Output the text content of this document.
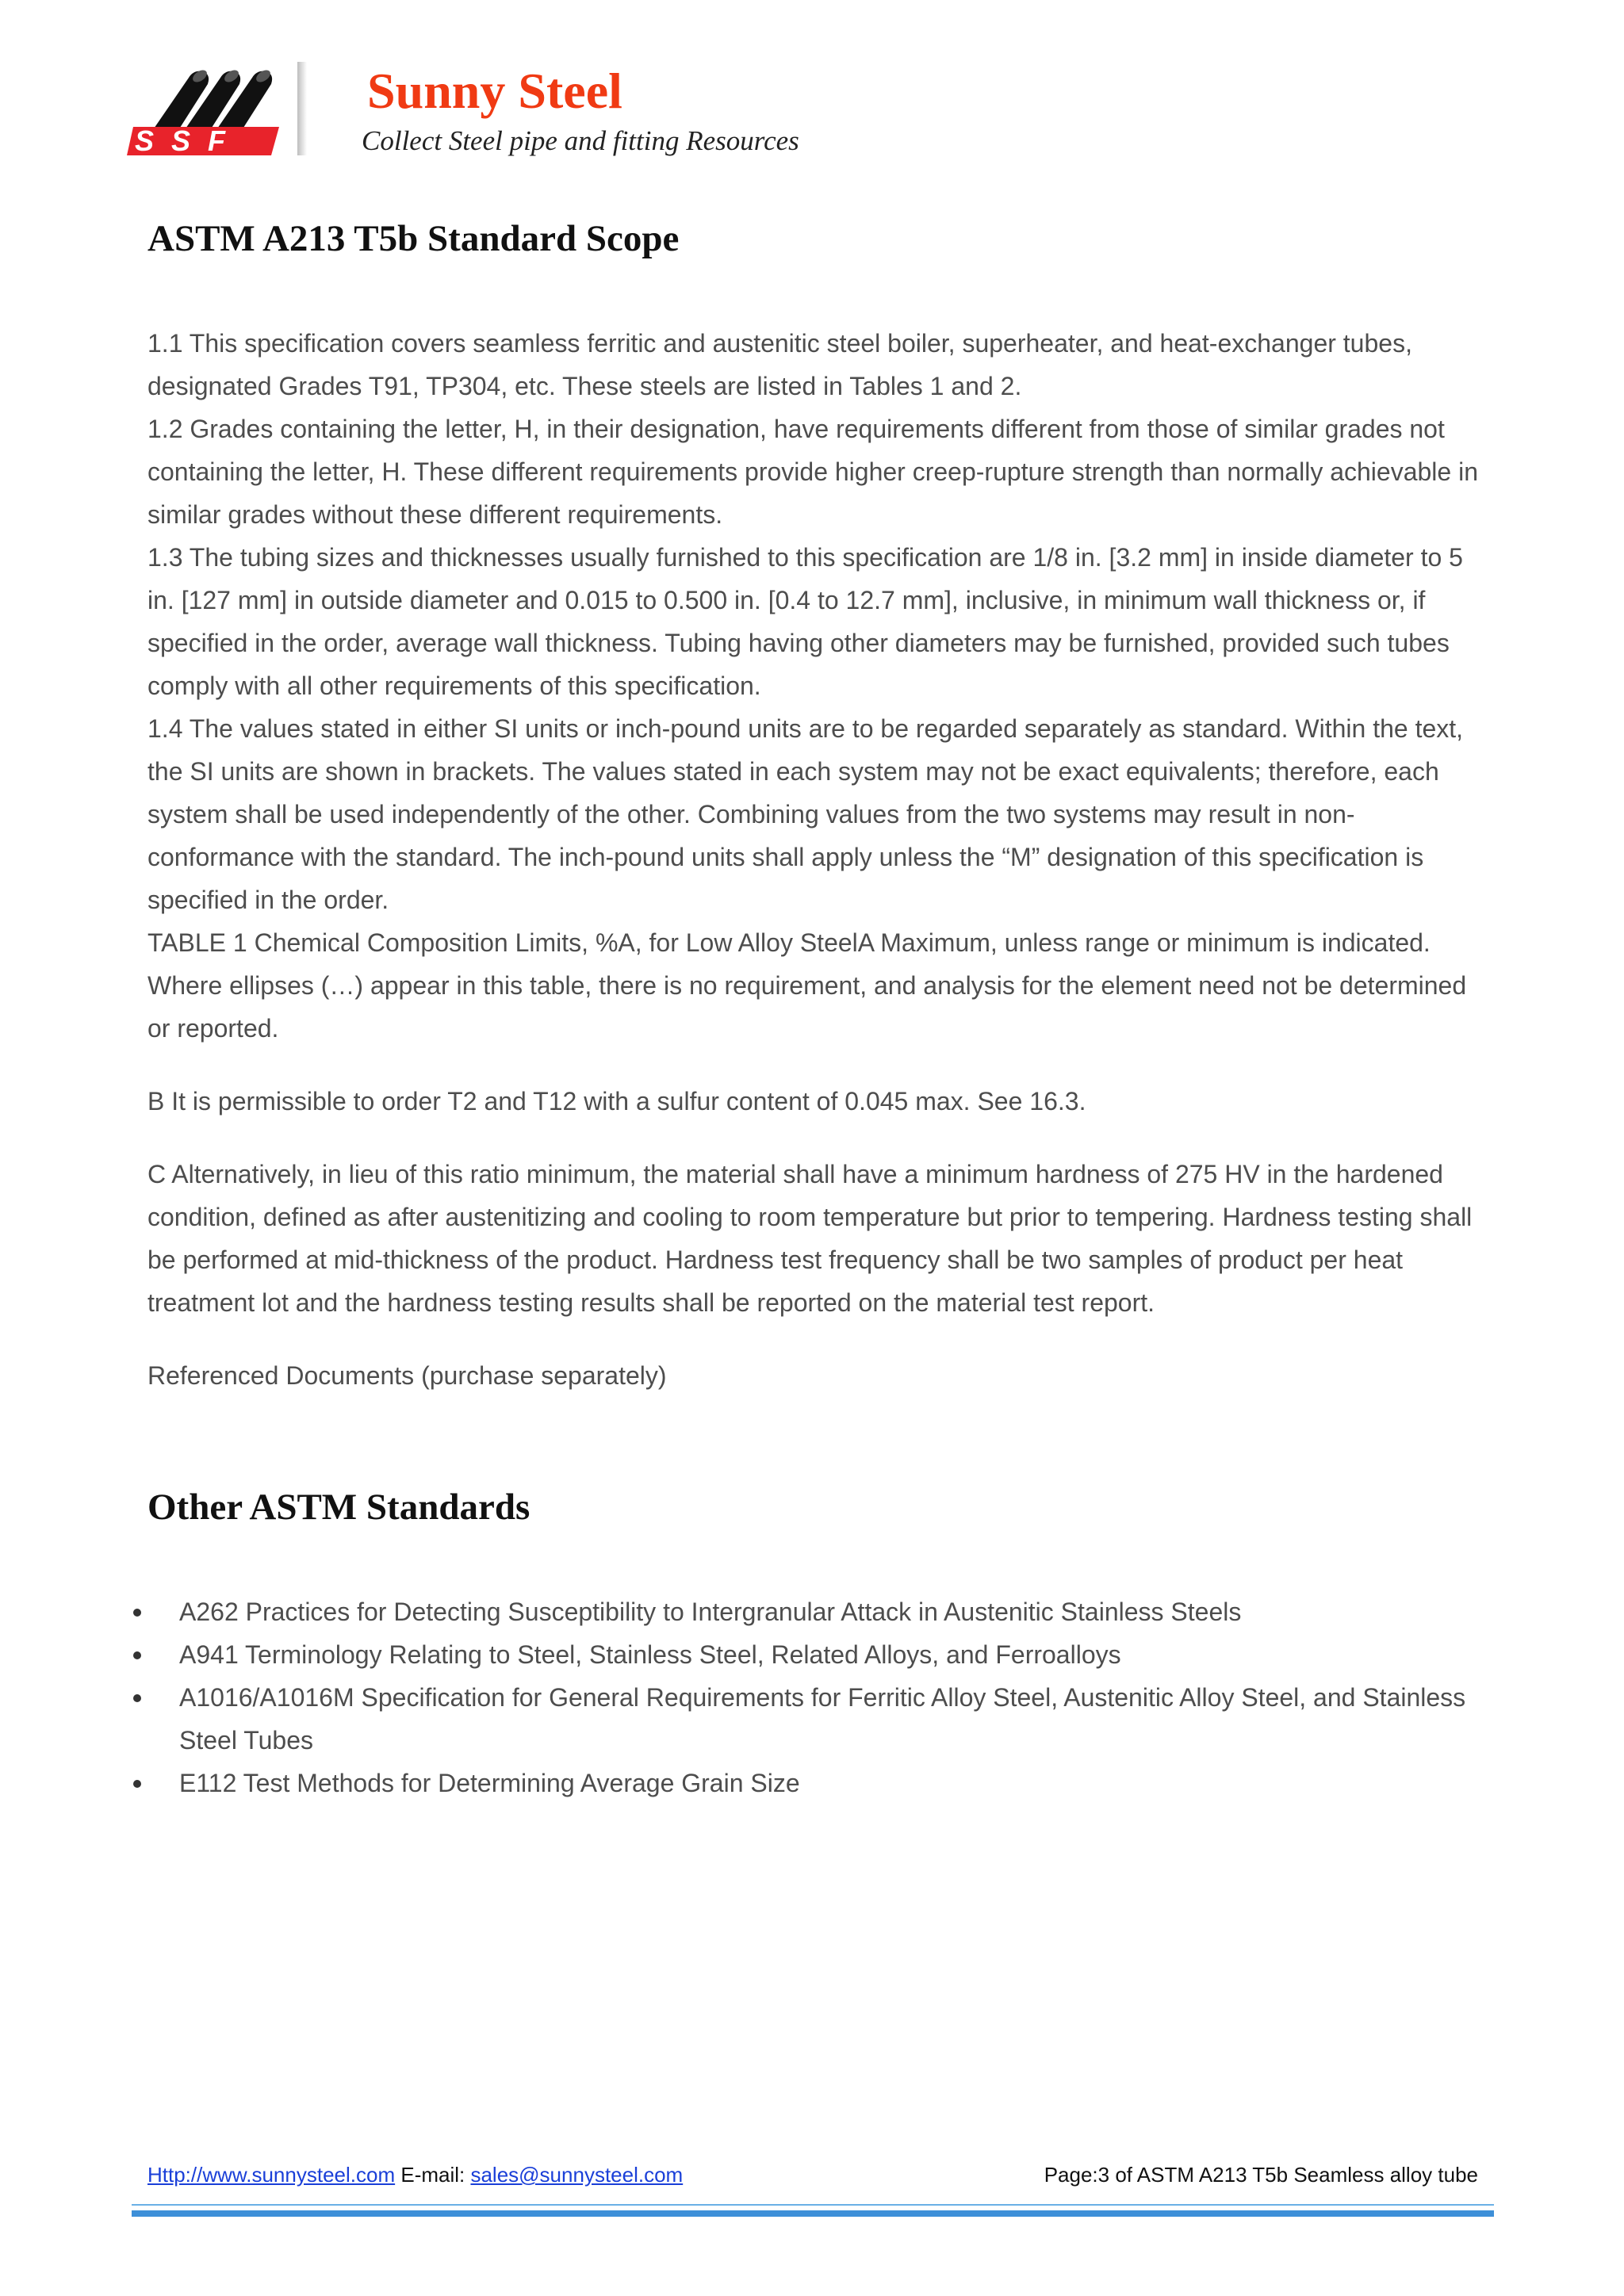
SSF
Sunny Steel
Collect Steel pipe and fitting Resources
ASTM A213 T5b Standard Scope

1.1 This specification covers seamless ferritic and austenitic steel boiler, superheater, and heat-exchanger tubes, designated Grades T91, TP304, etc. These steels are listed in Tables 1 and 2.

1.2 Grades containing the letter, H, in their designation, have requirements different from those of similar grades not containing the letter, H. These different requirements provide higher creep-rupture strength than normally achievable in similar grades without these different requirements.

1.3 The tubing sizes and thicknesses usually furnished to this specification are 1/8 in. [3.2 mm] in inside diameter to 5 in. [127 mm] in outside diameter and 0.015 to 0.500 in. [0.4 to 12.7 mm], inclusive, in minimum wall thickness or, if specified in the order, average wall thickness. Tubing having other diameters may be furnished, provided such tubes comply with all other requirements of this specification.

1.4 The values stated in either SI units or inch-pound units are to be regarded separately as standard. Within the text, the SI units are shown in brackets. The values stated in each system may not be exact equivalents; therefore, each system shall be used independently of the other. Combining values from the two systems may result in non-conformance with the standard. The inch-pound units shall apply unless the “M” designation of this specification is specified in the order.

TABLE 1 Chemical Composition Limits, %A, for Low Alloy SteelA Maximum, unless range or minimum is indicated. Where ellipses (…) appear in this table, there is no requirement, and analysis for the element need not be determined or reported.

B It is permissible to order T2 and T12 with a sulfur content of 0.045 max. See 16.3.

C Alternatively, in lieu of this ratio minimum, the material shall have a minimum hardness of 275 HV in the hardened condition, defined as after austenitizing and cooling to room temperature but prior to tempering. Hardness testing shall be performed at mid-thickness of the product. Hardness test frequency shall be two samples of product per heat treatment lot and the hardness testing results shall be reported on the material test report.

Referenced Documents (purchase separately)

Other ASTM Standards
A262 Practices for Detecting Susceptibility to Intergranular Attack in Austenitic Stainless Steels
A941 Terminology Relating to Steel, Stainless Steel, Related Alloys, and Ferroalloys
A1016/A1016M Specification for General Requirements for Ferritic Alloy Steel, Austenitic Alloy Steel, and Stainless Steel Tubes
E112 Test Methods for Determining Average Grain Size
Http://www.sunnysteel.com E-mail: sales@sunnysteel.com	Page:3 of ASTM A213 T5b Seamless alloy tube
